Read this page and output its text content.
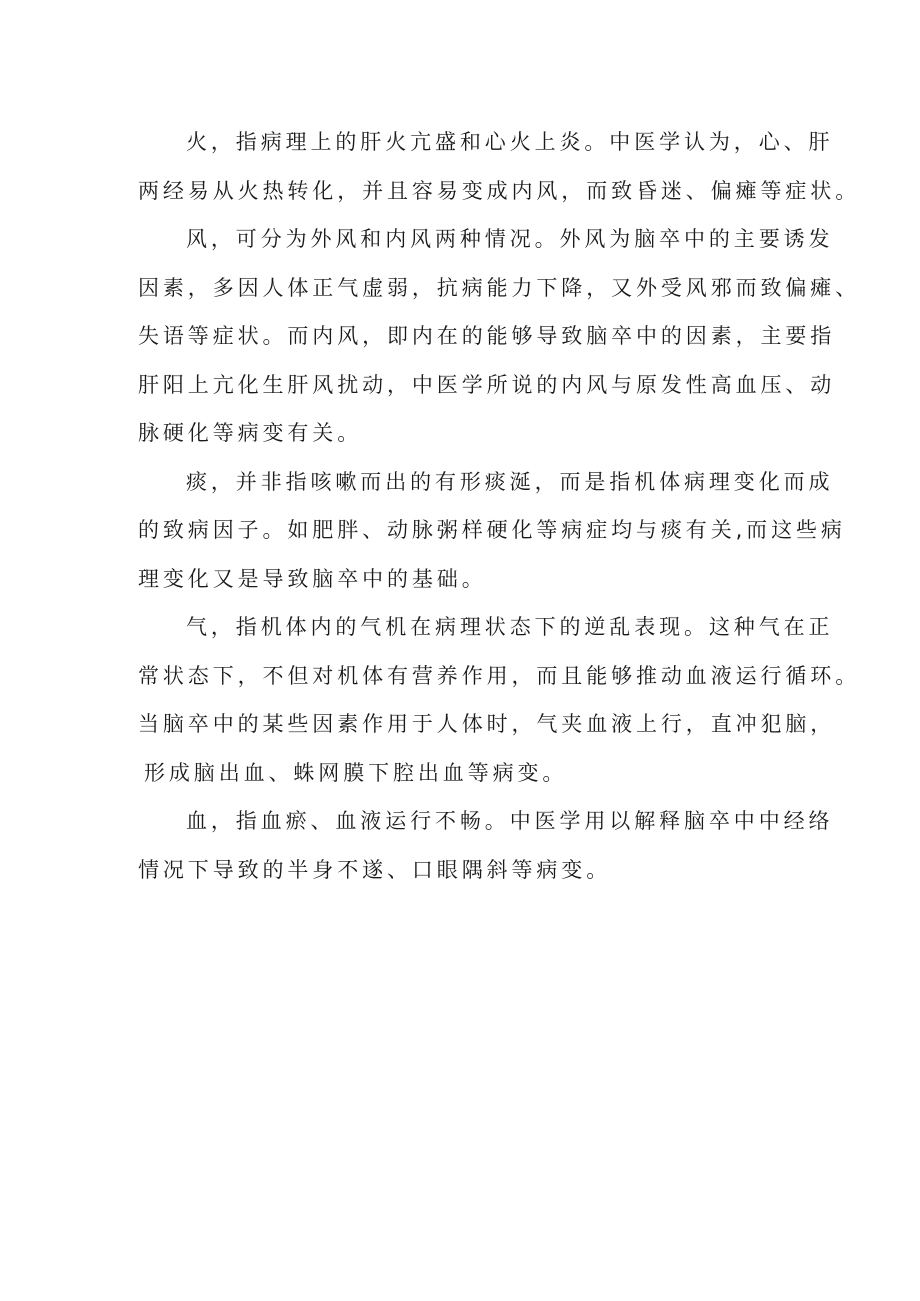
火，指病理上的肝火亢盛和心火上炎。中医学认为，心、肝
两经易从火热转化，并且容易变成内风，而致昏迷、偏瘫等症状。

风，可分为外风和内风两种情况。外风为脑卒中的主要诱发
因素，多因人体正气虚弱，抗病能力下降，又外受风邪而致偏瘫、
失语等症状。而内风，即内在的能够导致脑卒中的因素，主要指
肝阳上亢化生肝风扰动，中医学所说的内风与原发性高血压、动
脉硬化等病变有关。

痰，并非指咳嗽而出的有形痰涎，而是指机体病理变化而成
的致病因子。如肥胖、动脉粥样硬化等病症均与痰有关,而这些病
理变化又是导致脑卒中的基础。

气，指机体内的气机在病理状态下的逆乱表现。这种气在正
常状态下，不但对机体有营养作用，而且能够推动血液运行循环。
当脑卒中的某些因素作用于人体时，气夹血液上行，直冲犯脑，
形成脑出血、蛛网膜下腔出血等病变。

血，指血瘀、血液运行不畅。中医学用以解释脑卒中中经络
情况下导致的半身不遂、口眼隅斜等病变。
